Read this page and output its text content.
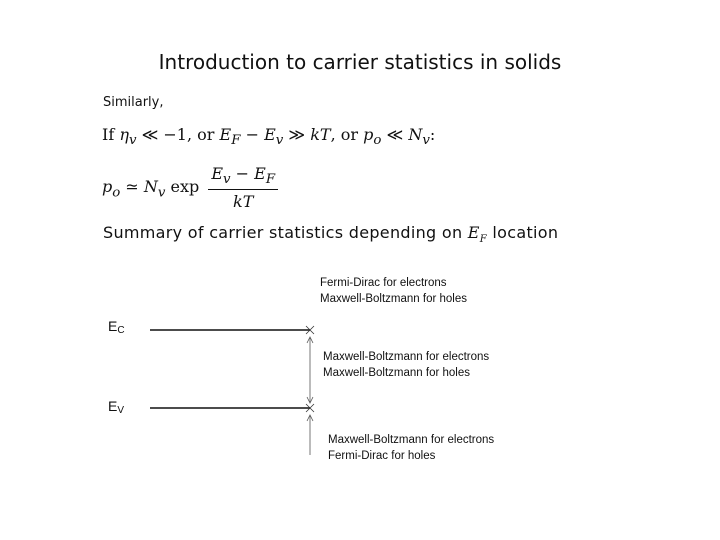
Introduction to carrier statistics in solids
Similarly,
If $\eta_v$ ≪ −1, or $E_F - E_v$ ≫ kT, or $p_o$ ≪ $N_v$:
$p_o$ ≃ $N_v$ $\exp \frac{E_v - E_F}{kT}$
Summary of carrier statistics depending on $E_F$ location
$E_C$
$E_V$
Fermi-Dirac for electrons
Maxwell-Boltzmann for holes
Maxwell-Boltzmann for electrons
Maxwell-Boltzmann for holes
Maxwell-Boltzmann for electrons
Fermi-Dirac for holes
